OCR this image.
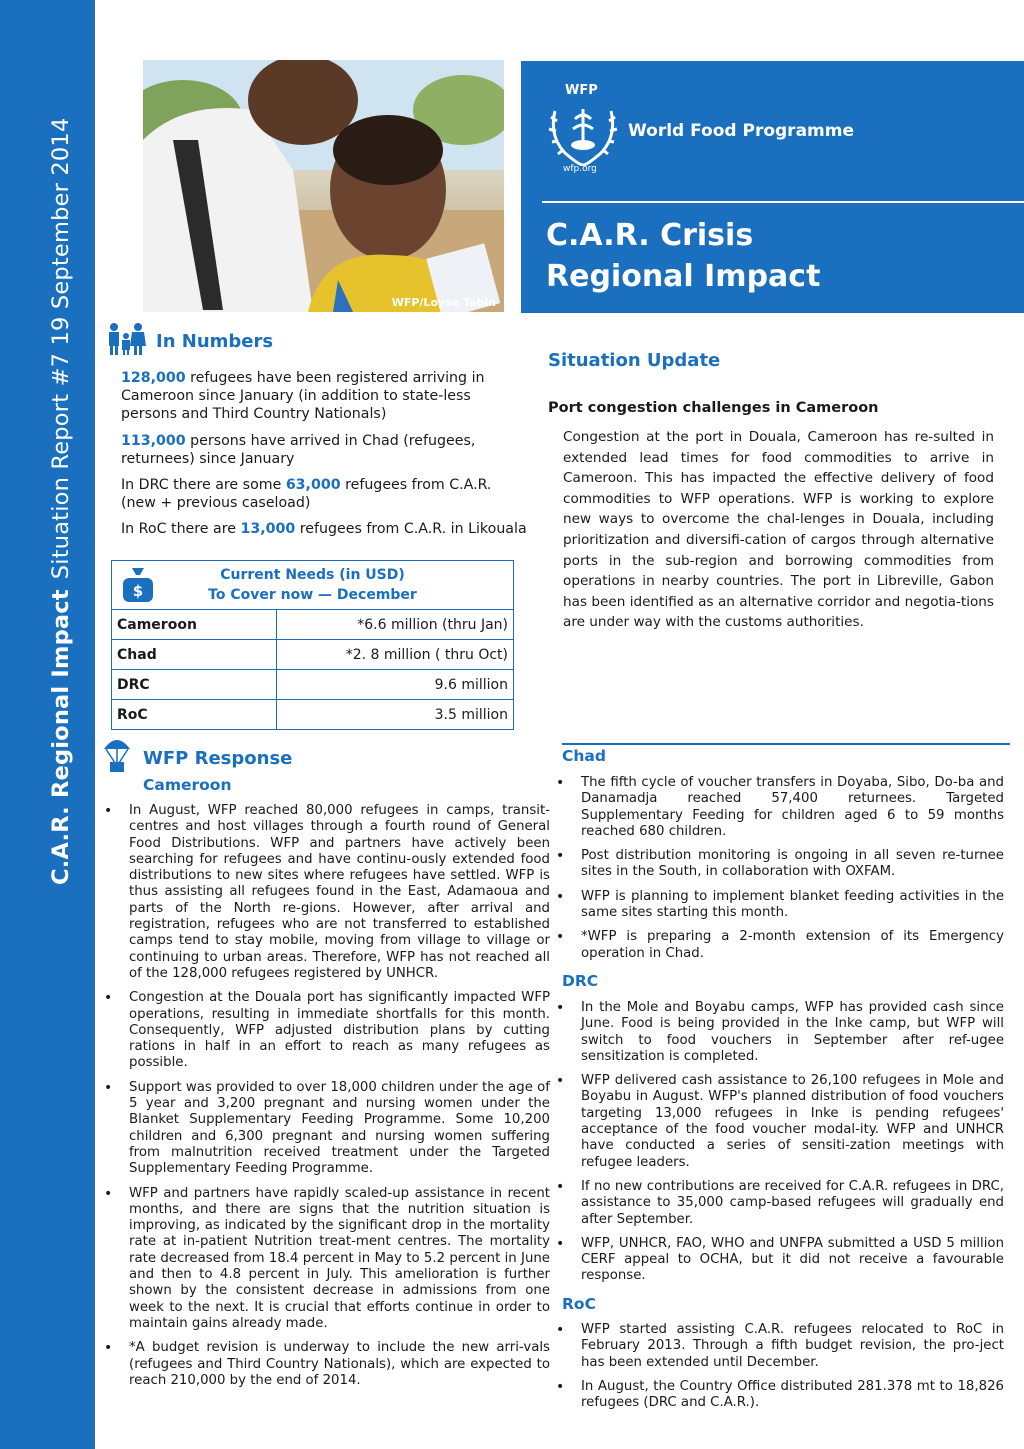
C.A.R. Regional ImpactSituation Report #7 19 September 2014	WFP/Loyse Tabin
WFP
World Food Programme
wfp.org
C.A.R. Crisis
Regional Impact
In Numbers
128,000 refugees have been registered arriving in Cameroon since January (in addition to state-less persons and Third Country Nationals)
113,000 persons have arrived in Chad (refugees, returnees) since January
In DRC there are some 63,000 refugees from C.A.R. (new + previous caseload)
In RoC there are 13,000 refugees from C.A.R. in Likouala
$
Current Needs (in USD)
To Cover now — December	
Cameroon	*6.6 million (thru Jan)
Chad	*2. 8 million ( thru Oct)
DRC	9.6 million
RoC	3.5 million
Situation Update
Port congestion challenges in Cameroon
Congestion at the port in Douala, Cameroon has re-sulted in extended lead times for food commodities to arrive in Cameroon. This has impacted the effective delivery of food commodities to WFP operations. WFP is working to explore new ways to overcome the chal-lenges in Douala, including prioritization and diversifi-cation of cargos through alternative ports in the sub-region and borrowing commodities from operations in nearby countries. The port in Libreville, Gabon has been identified as an alternative corridor and negotia-tions are under way with the customs authorities.
WFP Response
Cameroon
• In August, WFP reached 80,000 refugees in camps, transit-centres and host villages through a fourth round of General Food Distributions. WFP and partners have actively been searching for refugees and have continu-ously extended food distributions to new sites where refugees have settled. WFP is thus assisting all refugees found in the East, Adamaoua and parts of the North re-gions. However, after arrival and registration, refugees who are not transferred to established camps tend to stay mobile, moving from village to village or continuing to urban areas. Therefore, WFP has not reached all of the 128,000 refugees registered by UNHCR.
• Congestion at the Douala port has significantly impacted WFP operations, resulting in immediate shortfalls for this month. Consequently, WFP adjusted distribution plans by cutting rations in half in an effort to reach as many refugees as possible.
• Support was provided to over 18,000 children under the age of 5 year and 3,200 pregnant and nursing women under the Blanket Supplementary Feeding Programme. Some 10,200 children and 6,300 pregnant and nursing women suffering from malnutrition received treatment under the Targeted Supplementary Feeding Programme.
• WFP and partners have rapidly scaled-up assistance in recent months, and there are signs that the nutrition situation is improving, as indicated by the significant drop in the mortality rate at in-patient Nutrition treat-ment centres. The mortality rate decreased from 18.4 percent in May to 5.2 percent in June and then to 4.8 percent in July. This amelioration is further shown by the consistent decrease in admissions from one week to the next. It is crucial that efforts continue in order to maintain gains already made.
• *A budget revision is underway to include the new arri-vals (refugees and Third Country Nationals), which are expected to reach 210,000 by the end of 2014.
Chad
• The fifth cycle of voucher transfers in Doyaba, Sibo, Do-ba and Danamadja reached 57,400 returnees. Targeted Supplementary Feeding for children aged 6 to 59 months reached 680 children.
• Post distribution monitoring is ongoing in all seven re-turnee sites in the South, in collaboration with OXFAM.
• WFP is planning to implement blanket feeding activities in the same sites starting this month.
• *WFP is preparing a 2-month extension of its Emergency operation in Chad.
DRC
• In the Mole and Boyabu camps, WFP has provided cash since June. Food is being provided in the Inke camp, but WFP will switch to food vouchers in September after ref-ugee sensitization is completed.
• WFP delivered cash assistance to 26,100 refugees in Mole and Boyabu in August. WFP's planned distribution of food vouchers targeting 13,000 refugees in Inke is pending refugees' acceptance of the food voucher modal-ity. WFP and UNHCR have conducted a series of sensiti-zation meetings with refugee leaders.
• If no new contributions are received for C.A.R. refugees in DRC, assistance to 35,000 camp-based refugees will gradually end after September.
• WFP, UNHCR, FAO, WHO and UNFPA submitted a USD 5 million CERF appeal to OCHA, but it did not receive a favourable response.
RoC
• WFP started assisting C.A.R. refugees relocated to RoC in February 2013. Through a fifth budget revision, the pro-ject has been extended until December.
• In August, the Country Office distributed 281.378 mt to 18,826 refugees (DRC and C.A.R.).
